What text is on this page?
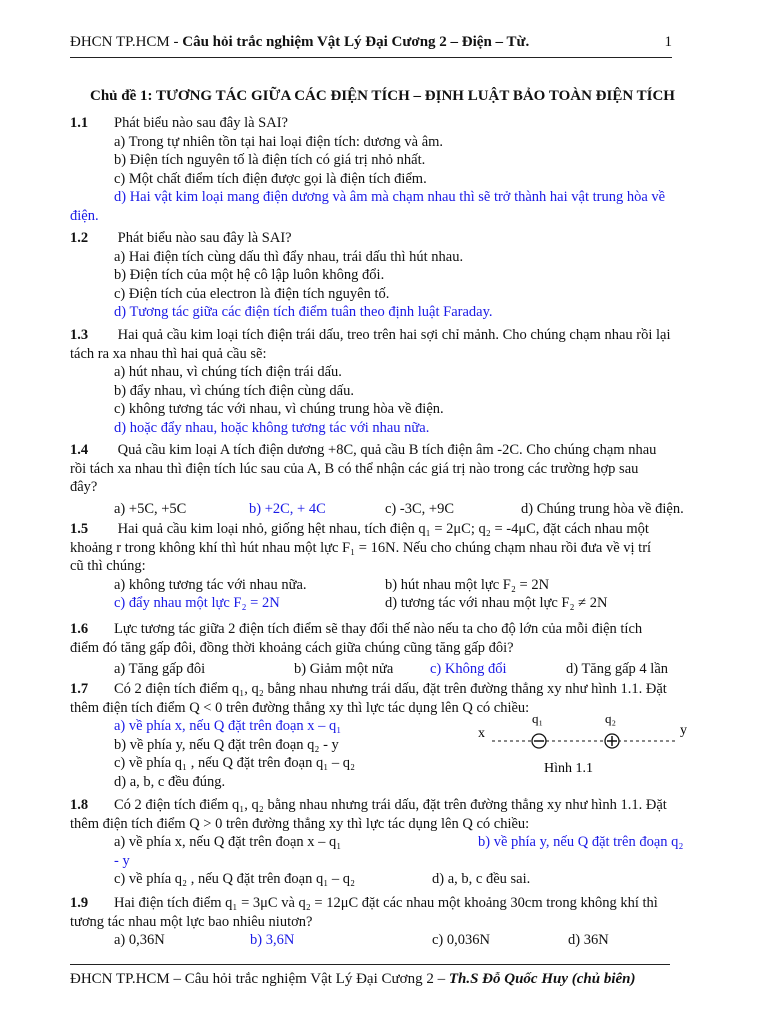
ĐHCN TP.HCM - Câu hỏi trắc nghiệm Vật Lý Đại Cương 2 – Điện – Từ.	1
Chủ đề 1: TƯƠNG TÁC GIỮA CÁC ĐIỆN TÍCH – ĐỊNH LUẬT BẢO TOÀN ĐIỆN TÍCH
1.1 Phát biểu nào sau đây là SAI?
a) Trong tự nhiên tồn tại hai loại điện tích: dương và âm.
b) Điện tích nguyên tố là điện tích có giá trị nhỏ nhất.
c) Một chất điểm tích điện được gọi là điện tích điểm.
d) Hai vật kim loại mang điện dương và âm mà chạm nhau thì sẽ trở thành hai vật trung hòa về
điện.
1.2 Phát biểu nào sau đây là SAI?
a) Hai điện tích cùng dấu thì đẩy nhau, trái dấu thì hút nhau.
b) Điện tích của một hệ cô lập luôn không đổi.
c) Điện tích của electron là điện tích nguyên tố.
d) Tương tác giữa các điện tích điểm tuân theo định luật Faraday.
1.3 Hai quả cầu kim loại tích điện trái dấu, treo trên hai sợi chỉ mảnh. Cho chúng chạm nhau rồi lại
tách ra xa nhau thì hai quả cầu sẽ:
a) hút nhau, vì chúng tích điện trái dấu.
b) đẩy nhau, vì chúng tích điện cùng dấu.
c) không tương tác với nhau, vì chúng trung hòa về điện.
d) hoặc đẩy nhau, hoặc không tương tác với nhau nữa.
1.4 Quả cầu kim loại A tích điện dương +8C, quả cầu B tích điện âm -2C. Cho chúng chạm nhau
rồi tách xa nhau thì điện tích lúc sau của A, B có thể nhận các giá trị nào trong các trường hợp sau
đây?
a) +5C, +5C	b) +2C, + 4C	c) -3C, +9C	d) Chúng trung hòa về điện.
1.5 Hai quả cầu kim loại nhỏ, giống hệt nhau, tích điện q₁ = 2μC; q₂ = -4μC, đặt cách nhau một
khoảng r trong không khí thì hút nhau một lực F₁ = 16N. Nếu cho chúng chạm nhau rồi đưa về vị trí
cũ thì chúng:
a) không tương tác với nhau nữa.	b) hút nhau một lực F₂ = 2N
c) đẩy nhau một lực F₂ = 2N	d) tương tác với nhau một lực F₂ ≠ 2N
1.6 Lực tương tác giữa 2 điện tích điểm sẽ thay đổi thế nào nếu ta cho độ lớn của mỗi điện tích
điểm đó tăng gấp đôi, đồng thời khoảng cách giữa chúng cũng tăng gấp đôi?
a) Tăng gấp đôi	b) Giảm một nửa	c) Không đổi	d) Tăng gấp 4 lần
1.7 Có 2 điện tích điểm q₁, q₂ bằng nhau nhưng trái dấu, đặt trên đường thẳng xy như hình 1.1. Đặt
thêm điện tích điểm Q < 0 trên đường thẳng xy thì lực tác dụng lên Q có chiều:
a) về phía x, nếu Q đặt trên đoạn x – q₁
b) về phía y, nếu Q đặt trên đoạn q₂ - y
c) về phía q₁ , nếu Q đặt trên đoạn q₁ – q₂
d) a, b, c đều đúng.
x	y
q₁	q₂
Hình 1.1
1.8 Có 2 điện tích điểm q₁, q₂ bằng nhau nhưng trái dấu, đặt trên đường thẳng xy như hình 1.1. Đặt
thêm điện tích điểm Q > 0 trên đường thẳng xy thì lực tác dụng lên Q có chiều:
a) về phía x, nếu Q đặt trên đoạn x – q₁	b) về phía y, nếu Q đặt trên đoạn q₂
- y
c) về phía q₂ , nếu Q đặt trên đoạn q₁ – q₂	d) a, b, c đều sai.
1.9 Hai điện tích điểm q₁ = 3μC và q₂ = 12μC đặt các nhau một khoảng 30cm trong không khí thì
tương tác nhau một lực bao nhiêu niutơn?
a) 0,36N	b) 3,6N	c) 0,036N	d) 36N
ĐHCN TP.HCM – Câu hỏi trắc nghiệm Vật Lý Đại Cương 2 – Th.S Đỗ Quốc Huy (chủ biên)
